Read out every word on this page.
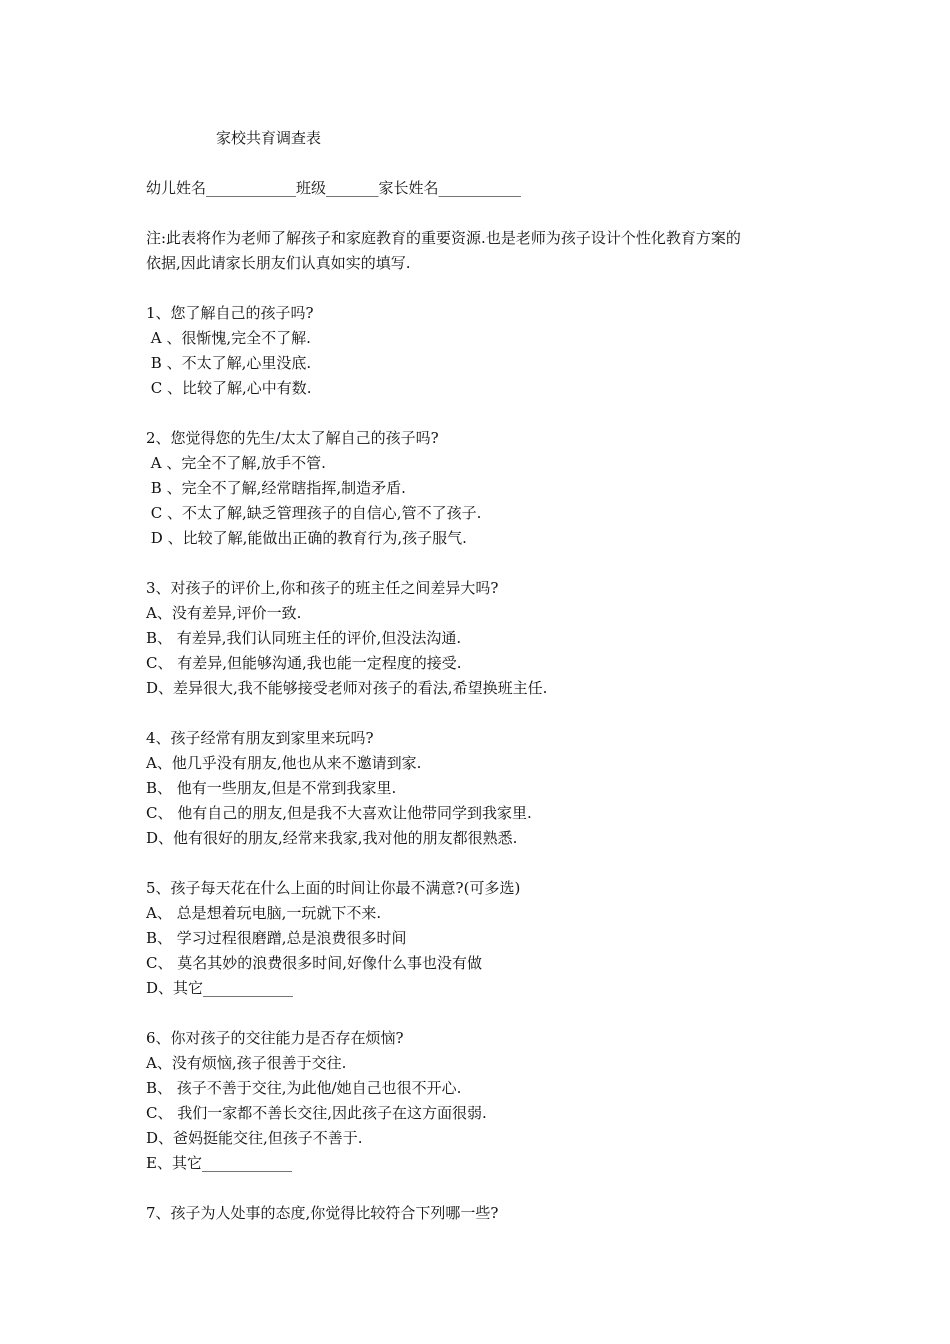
家校共育调查表
幼儿姓名____________班级_______家长姓名___________
注:此表将作为老师了解孩子和家庭教育的重要资源.也是老师为孩子设计个性化教育方案的
依据,因此请家长朋友们认真如实的填写.
1、您了解自己的孩子吗?
A 、很惭愧,完全不了解.
B 、不太了解,心里没底.
C 、比较了解,心中有数.
2、您觉得您的先生/太太了解自己的孩子吗?
A 、完全不了解,放手不管.
B 、完全不了解,经常瞎指挥,制造矛盾.
C 、不太了解,缺乏管理孩子的自信心,管不了孩子.
D 、比较了解,能做出正确的教育行为,孩子服气.
3、对孩子的评价上,你和孩子的班主任之间差异大吗?
A、没有差异,评价一致.
B、 有差异,我们认同班主任的评价,但没法沟通.
C、 有差异,但能够沟通,我也能一定程度的接受.
D、差异很大,我不能够接受老师对孩子的看法,希望换班主任.
4、孩子经常有朋友到家里来玩吗?
A、他几乎没有朋友,他也从来不邀请到家.
B、 他有一些朋友,但是不常到我家里.
C、 他有自己的朋友,但是我不大喜欢让他带同学到我家里.
D、他有很好的朋友,经常来我家,我对他的朋友都很熟悉.
5、孩子每天花在什么上面的时间让你最不满意?(可多选)
A、 总是想着玩电脑,一玩就下不来.
B、 学习过程很磨蹭,总是浪费很多时间
C、 莫名其妙的浪费很多时间,好像什么事也没有做
D、其它____________
6、你对孩子的交往能力是否存在烦恼?
A、没有烦恼,孩子很善于交往.
B、 孩子不善于交往,为此他/她自己也很不开心.
C、 我们一家都不善长交往,因此孩子在这方面很弱.
D、爸妈挺能交往,但孩子不善于.
E、其它____________
7、孩子为人处事的态度,你觉得比较符合下列哪一些?
